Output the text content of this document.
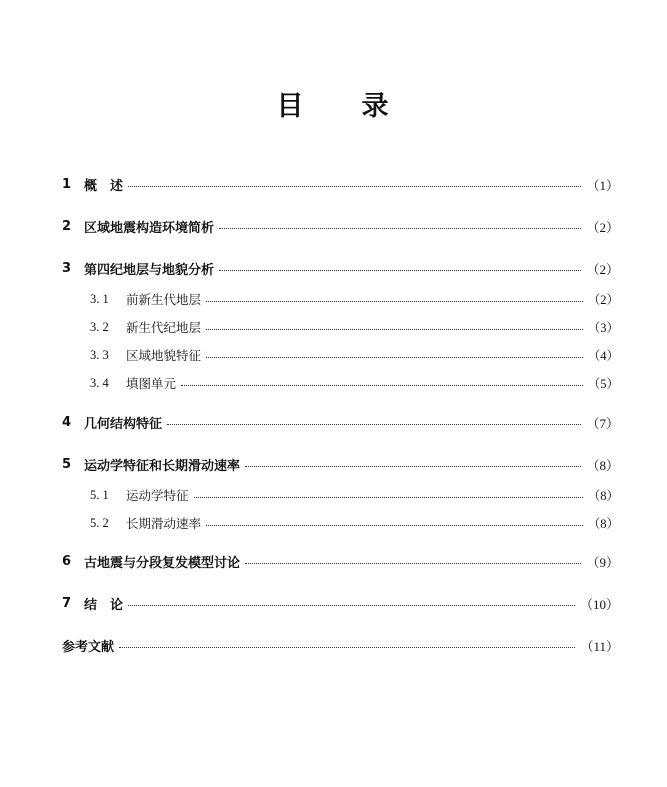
目 录
1 概　述	（1）
2 区域地震构造环境简析	（2）
3 第四纪地层与地貌分析	（2）
3. 1	前新生代地层	（2）
3. 2	新生代纪地层	（3）
3. 3	区域地貌特征	（4）
3. 4	填图单元	（5）
4 几何结构特征	（7）
5 运动学特征和长期滑动速率	（8）
5. 1	运动学特征	（8）
5. 2	长期滑动速率	（8）
6 古地震与分段复发模型讨论	（9）
7 结　论	（10）
参考文献	（11）
